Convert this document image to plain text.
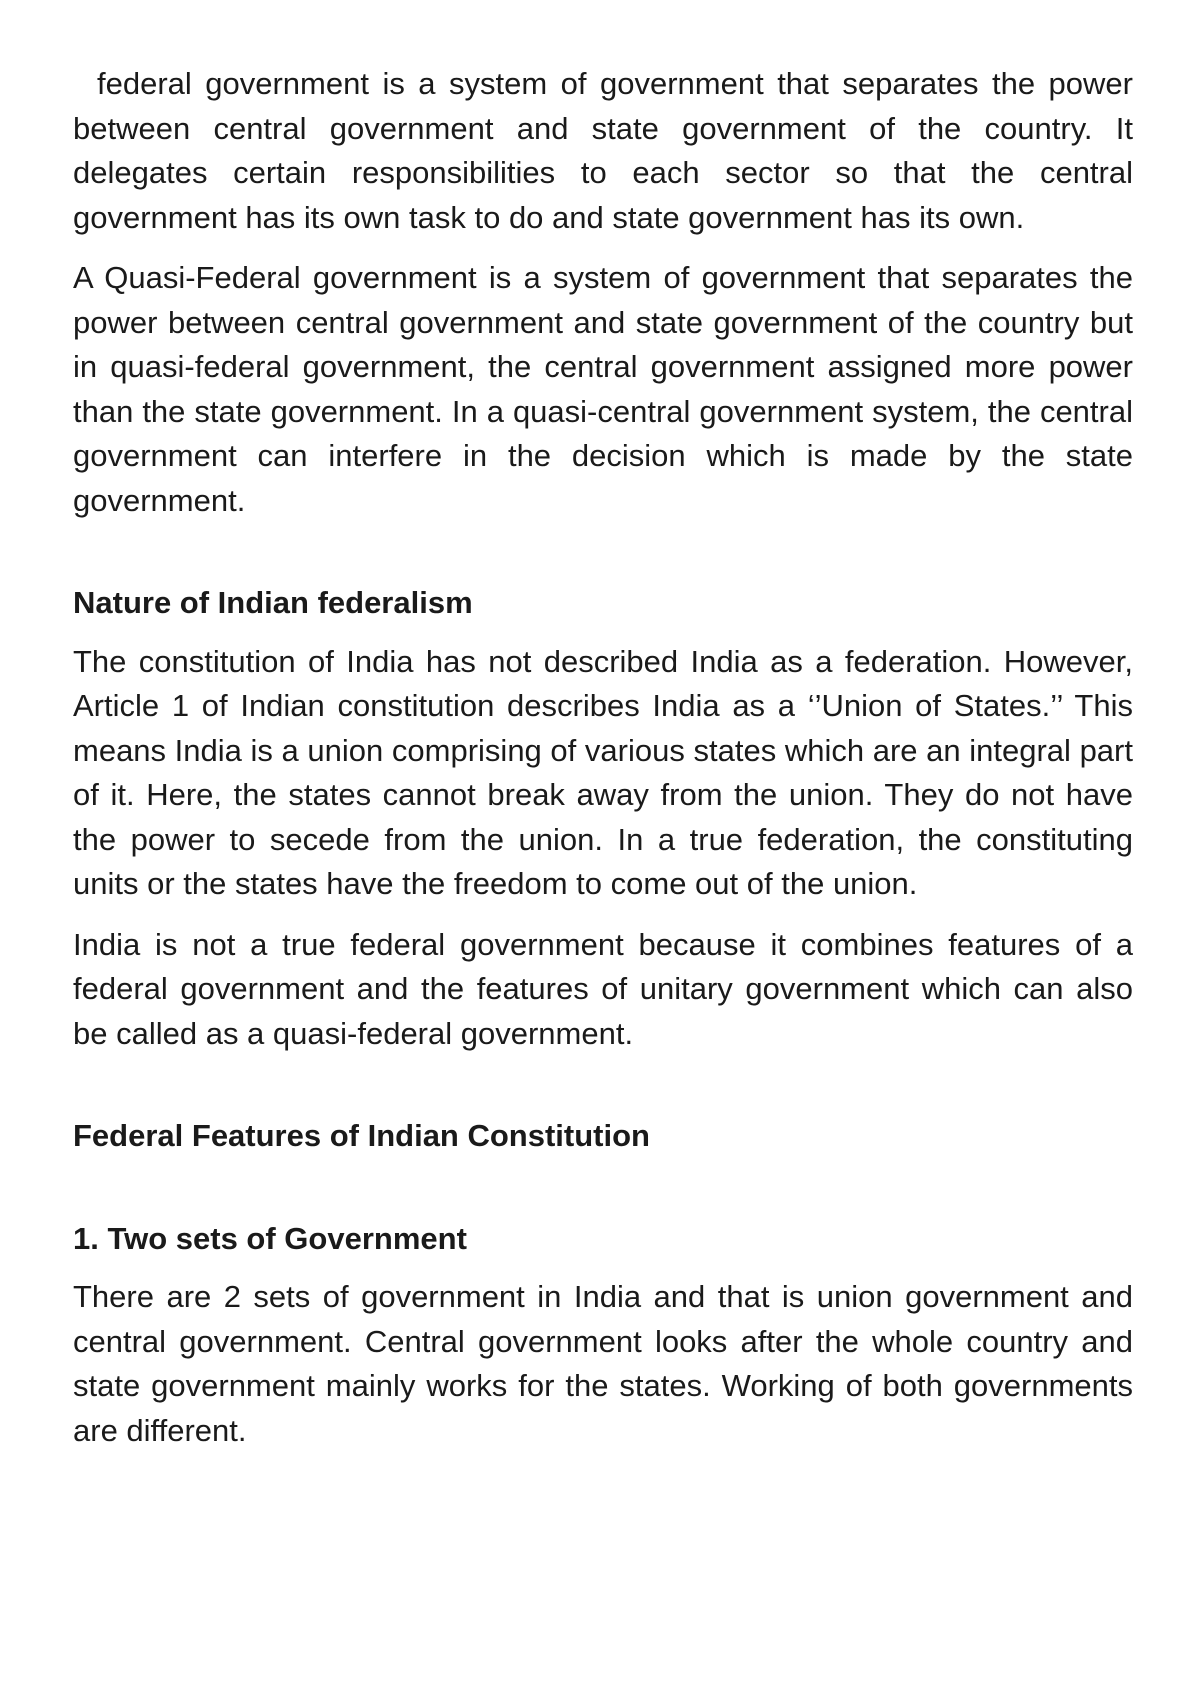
federal government is a system of government that separates the power between central government and state government of the country. It delegates certain responsibilities to each sector so that the central government has its own task to do and state government has its own.

A Quasi-Federal government is a system of government that separates the power between central government and state government of the country but in quasi-federal government, the central government assigned more power than the state government. In a quasi-central government system, the central government can interfere in the decision which is made by the state government.

Nature of Indian federalism

The constitution of India has not described India as a federation. However, Article 1 of Indian constitution describes India as a ‘’Union of States.’’ This means India is a union comprising of various states which are an integral part of it. Here, the states cannot break away from the union. They do not have the power to secede from the union. In a true federation, the constituting units or the states have the freedom to come out of the union.

India is not a true federal government because it combines features of a federal government and the features of unitary government which can also be called as a quasi-federal government.

Federal Features of Indian Constitution
1. Two sets of Government

There are 2 sets of government in India and that is union government and central government. Central government looks after the whole country and state government mainly works for the states. Working of both governments are different.
